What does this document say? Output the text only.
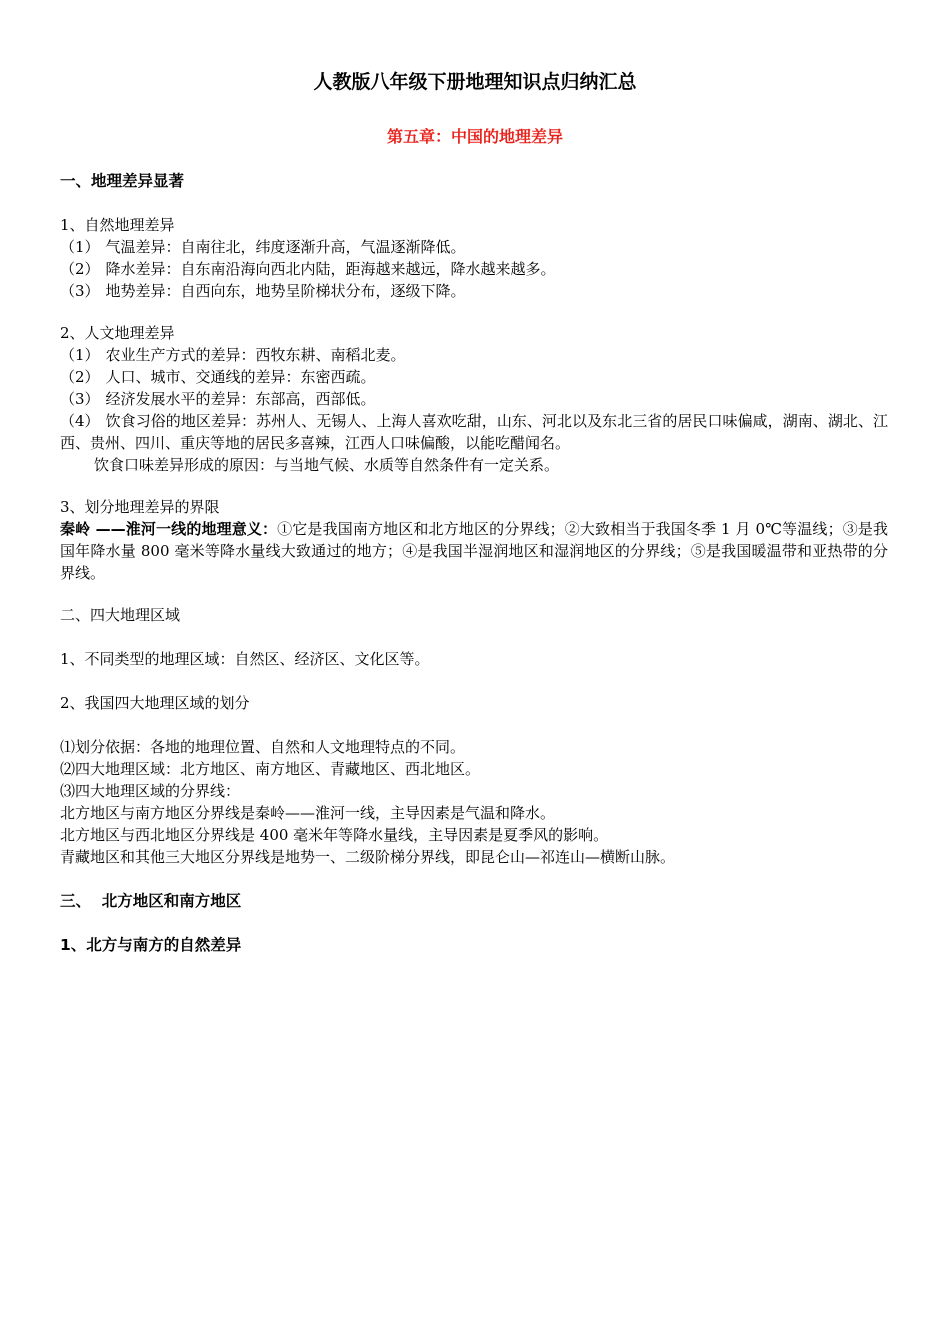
人教版八年级下册地理知识点归纳汇总
第五章：中国的地理差异

一、地理差异显著

1、自然地理差异

（1） 气温差异：自南往北，纬度逐渐升高，气温逐渐降低。

（2） 降水差异：自东南沿海向西北内陆，距海越来越远，降水越来越多。

（3） 地势差异：自西向东，地势呈阶梯状分布，逐级下降。

2、人文地理差异

（1） 农业生产方式的差异：西牧东耕、南稻北麦。

（2） 人口、城市、交通线的差异：东密西疏。

（3） 经济发展水平的差异：东部高，西部低。

（4） 饮食习俗的地区差异：苏州人、无锡人、上海人喜欢吃甜，山东、河北以及东北三省的居民口味偏咸，湖南、湖北、江西、贵州、四川、重庆等地的居民多喜辣，江西人口味偏酸，以能吃醋闻名。

饮食口味差异形成的原因：与当地气候、水质等自然条件有一定关系。

3、划分地理差异的界限

秦岭 ——淮河一线的地理意义：①它是我国南方地区和北方地区的分界线；②大致相当于我国冬季 1 月 0℃等温线；③是我国年降水量 800 毫米等降水量线大致通过的地方；④是我国半湿润地区和湿润地区的分界线；⑤是我国暖温带和亚热带的分界线。

二、四大地理区域

1、不同类型的地理区域：自然区、经济区、文化区等。

2、我国四大地理区域的划分

⑴划分依据：各地的地理位置、自然和人文地理特点的不同。

⑵四大地理区域：北方地区、南方地区、青藏地区、西北地区。

⑶四大地理区域的分界线：

北方地区与南方地区分界线是秦岭——淮河一线，主导因素是气温和降水。

北方地区与西北地区分界线是 400 毫米年等降水量线，主导因素是夏季风的影响。

青藏地区和其他三大地区分界线是地势一、二级阶梯分界线，即昆仑山—祁连山—横断山脉。

三、  北方地区和南方地区

1、北方与南方的自然差异
